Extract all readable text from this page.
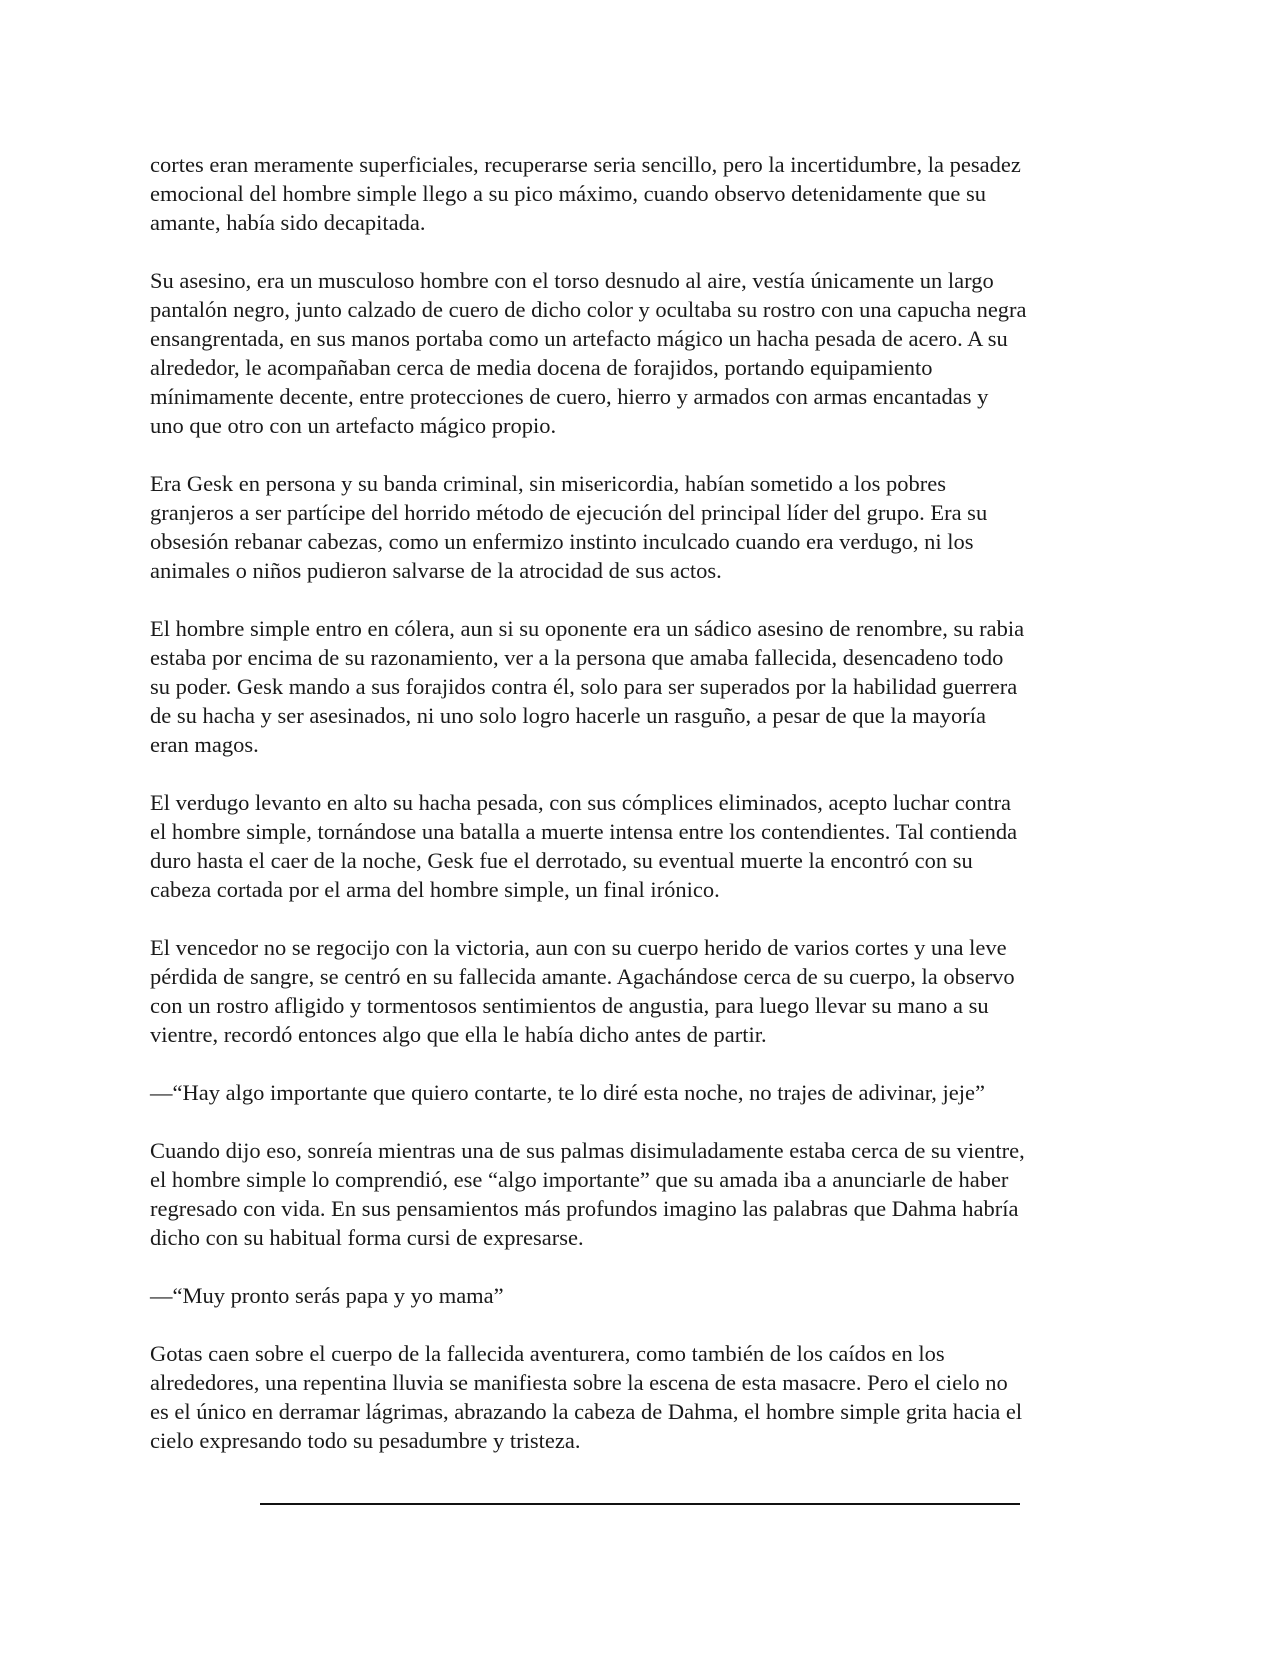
cortes eran meramente superficiales, recuperarse seria sencillo, pero la incertidumbre, la pesadez
emocional del hombre simple llego a su pico máximo, cuando observo detenidamente que su
amante, había sido decapitada.

Su asesino, era un musculoso hombre con el torso desnudo al aire, vestía únicamente un largo
pantalón negro, junto calzado de cuero de dicho color y ocultaba su rostro con una capucha negra
ensangrentada, en sus manos portaba como un artefacto mágico un hacha pesada de acero. A su
alrededor, le acompañaban cerca de media docena de forajidos, portando equipamiento
mínimamente decente, entre protecciones de cuero, hierro y armados con armas encantadas y
uno que otro con un artefacto mágico propio.

Era Gesk en persona y su banda criminal, sin misericordia, habían sometido a los pobres
granjeros a ser partícipe del horrido método de ejecución del principal líder del grupo. Era su
obsesión rebanar cabezas, como un enfermizo instinto inculcado cuando era verdugo, ni los
animales o niños pudieron salvarse de la atrocidad de sus actos.

El hombre simple entro en cólera, aun si su oponente era un sádico asesino de renombre, su rabia
estaba por encima de su razonamiento, ver a la persona que amaba fallecida, desencadeno todo
su poder. Gesk mando a sus forajidos contra él, solo para ser superados por la habilidad guerrera
de su hacha y ser asesinados, ni uno solo logro hacerle un rasguño, a pesar de que la mayoría
eran magos.

El verdugo levanto en alto su hacha pesada, con sus cómplices eliminados, acepto luchar contra
el hombre simple, tornándose una batalla a muerte intensa entre los contendientes. Tal contienda
duro hasta el caer de la noche, Gesk fue el derrotado, su eventual muerte la encontró con su
cabeza cortada por el arma del hombre simple, un final irónico.

El vencedor no se regocijo con la victoria, aun con su cuerpo herido de varios cortes y una leve
pérdida de sangre, se centró en su fallecida amante. Agachándose cerca de su cuerpo, la observo
con un rostro afligido y tormentosos sentimientos de angustia, para luego llevar su mano a su
vientre, recordó entonces algo que ella le había dicho antes de partir.

—“Hay algo importante que quiero contarte, te lo diré esta noche, no trajes de adivinar, jeje”

Cuando dijo eso, sonreía mientras una de sus palmas disimuladamente estaba cerca de su vientre,
el hombre simple lo comprendió, ese “algo importante” que su amada iba a anunciarle de haber
regresado con vida. En sus pensamientos más profundos imagino las palabras que Dahma habría
dicho con su habitual forma cursi de expresarse.

—“Muy pronto serás papa y yo mama”

Gotas caen sobre el cuerpo de la fallecida aventurera, como también de los caídos en los
alrededores, una repentina lluvia se manifiesta sobre la escena de esta masacre. Pero el cielo no
es el único en derramar lágrimas, abrazando la cabeza de Dahma, el hombre simple grita hacia el
cielo expresando todo su pesadumbre y tristeza.
